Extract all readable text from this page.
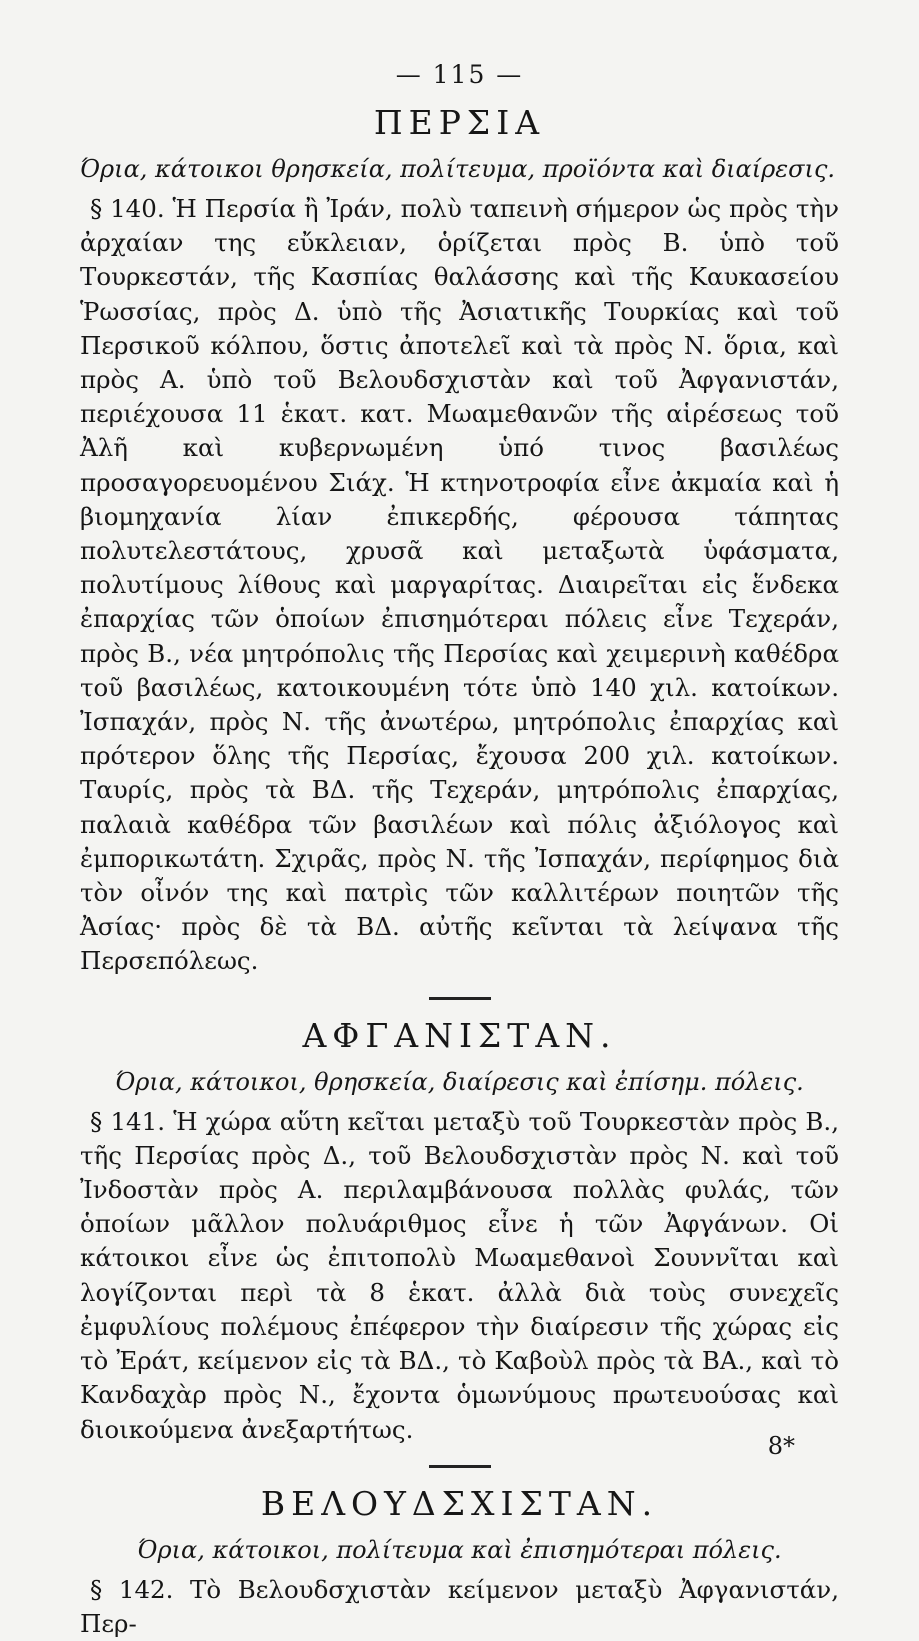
— 115 —
ΠΕΡΣΙΑ
Όρια, κάτοικοι θρησκεία, πολίτευμα, προϊόντα καὶ διαίρεσις.

§ 140. Ἡ Περσία ἢ Ἰράν, πολὺ ταπεινὴ σήμερον ὡς πρὸς τὴν ἀρχαίαν της εὔκλειαν, ὁρίζεται πρὸς Β. ὑπὸ τοῦ Τουρκεστάν, τῆς Κασπίας θαλάσσης καὶ τῆς Καυκασείου Ῥωσσίας, πρὸς Δ. ὑπὸ τῆς Ἀσιατικῆς Τουρκίας καὶ τοῦ Περσικοῦ κόλπου, ὅστις ἀποτελεῖ καὶ τὰ πρὸς Ν. ὅρια, καὶ πρὸς Α. ὑπὸ τοῦ Βελουδσχιστὰν καὶ τοῦ Ἀφγανιστάν, περιέχουσα 11 ἑκατ. κατ. Μωαμεθανῶν τῆς αἱρέσεως τοῦ Ἀλῆ καὶ κυβερνωμένη ὑπό τινος βασιλέως προσαγορευομένου Σιάχ. Ἡ κτηνοτροφία εἶνε ἀκμαία καὶ ἡ βιομηχανία λίαν ἐπικερδής, φέρουσα τάπητας πολυτελεστάτους, χρυσᾶ καὶ μεταξωτὰ ὑφάσματα, πολυτίμους λίθους καὶ μαργαρίτας. Διαιρεῖται εἰς ἕνδεκα ἐπαρχίας τῶν ὁποίων ἐπισημότεραι πόλεις εἶνε Τεχεράν, πρὸς Β., νέα μητρόπολις τῆς Περσίας καὶ χειμερινὴ καθέδρα τοῦ βασιλέως, κατοικουμένη τότε ὑπὸ 140 χιλ. κατοίκων. Ἰσπαχάν, πρὸς Ν. τῆς ἀνωτέρω, μητρόπολις ἐπαρχίας καὶ πρότερον ὅλης τῆς Περσίας, ἔχουσα 200 χιλ. κατοίκων. Ταυρίς, πρὸς τὰ ΒΔ. τῆς Τεχεράν, μητρόπολις ἐπαρχίας, παλαιὰ καθέδρα τῶν βασιλέων καὶ πόλις ἀξιόλογος καὶ ἐμπορικωτάτη. Σχιρᾶς, πρὸς Ν. τῆς Ἰσπαχάν, περίφημος διὰ τὸν οἶνόν της καὶ πατρὶς τῶν καλλιτέρων ποιητῶν τῆς Ἀσίας· πρὸς δὲ τὰ ΒΔ. αὐτῆς κεῖνται τὰ λείψανα τῆς Περσεπόλεως.

ΑΦΓΑΝΙΣΤΑΝ.
Όρια, κάτοικοι, θρησκεία, διαίρεσις καὶ ἐπίσημ. πόλεις.

§ 141. Ἡ χώρα αὕτη κεῖται μεταξὺ τοῦ Τουρκεστὰν πρὸς Β., τῆς Περσίας πρὸς Δ., τοῦ Βελουδσχιστὰν πρὸς Ν. καὶ τοῦ Ἰνδοστὰν πρὸς Α. περιλαμβάνουσα πολλὰς φυλάς, τῶν ὁποίων μᾶλλον πολυάριθμος εἶνε ἡ τῶν Ἀφγάνων. Οἱ κάτοικοι εἶνε ὡς ἐπιτοπολὺ Μωαμεθανοὶ Σουννῖται καὶ λογίζονται περὶ τὰ 8 ἑκατ. ἀλλὰ διὰ τοὺς συνεχεῖς ἐμφυλίους πολέμους ἐπέφερον τὴν διαίρεσιν τῆς χώρας εἰς τὸ Ἐράτ, κείμενον εἰς τὰ ΒΔ., τὸ Καβοὺλ πρὸς τὰ ΒΑ., καὶ τὸ Κανδαχὰρ πρὸς Ν., ἔχοντα ὁμωνύμους πρωτευούσας καὶ διοικούμενα ἀνεξαρτήτως.

ΒΕΛΟΥΔΣΧΙΣΤΑΝ.
Όρια, κάτοικοι, πολίτευμα καὶ ἐπισημότεραι πόλεις.

§ 142. Τὸ Βελουδσχιστὰν κείμενον μεταξὺ Ἀφγανιστάν, Περ-

8*
